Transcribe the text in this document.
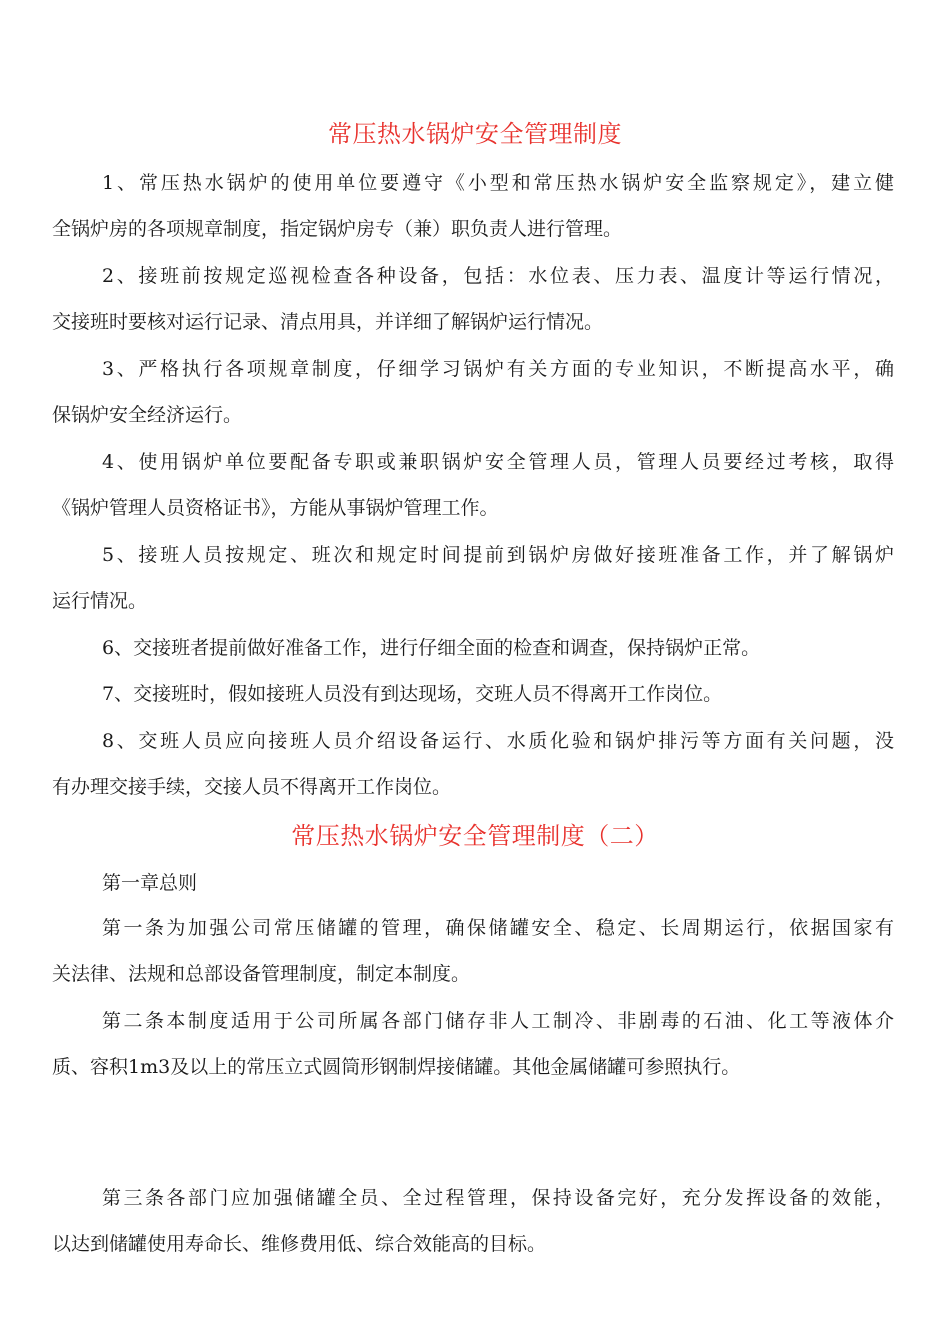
常压热水锅炉安全管理制度
1、常压热水锅炉的使用单位要遵守《小型和常压热水锅炉安全监察规定》，建立健
全锅炉房的各项规章制度，指定锅炉房专（兼）职负责人进行管理。
2、接班前按规定巡视检查各种设备，包括：水位表、压力表、温度计等运行情况，
交接班时要核对运行记录、清点用具，并详细了解锅炉运行情况。
3、严格执行各项规章制度，仔细学习锅炉有关方面的专业知识，不断提高水平，确
保锅炉安全经济运行。
4、使用锅炉单位要配备专职或兼职锅炉安全管理人员，管理人员要经过考核，取得
《锅炉管理人员资格证书》，方能从事锅炉管理工作。
5、接班人员按规定、班次和规定时间提前到锅炉房做好接班准备工作，并了解锅炉
运行情况。
6、交接班者提前做好准备工作，进行仔细全面的检查和调查，保持锅炉正常。
7、交接班时，假如接班人员没有到达现场，交班人员不得离开工作岗位。
8、交班人员应向接班人员介绍设备运行、水质化验和锅炉排污等方面有关问题，没
有办理交接手续，交接人员不得离开工作岗位。
常压热水锅炉安全管理制度（二）
第一章总则
第一条为加强公司常压储罐的管理，确保储罐安全、稳定、长周期运行，依据国家有
关法律、法规和总部设备管理制度，制定本制度。
第二条本制度适用于公司所属各部门储存非人工制冷、非剧毒的石油、化工等液体介
质、容积1m3及以上的常压立式圆筒形钢制焊接储罐。其他金属储罐可参照执行。
第三条各部门应加强储罐全员、全过程管理，保持设备完好，充分发挥设备的效能，
以达到储罐使用寿命长、维修费用低、综合效能高的目标。
